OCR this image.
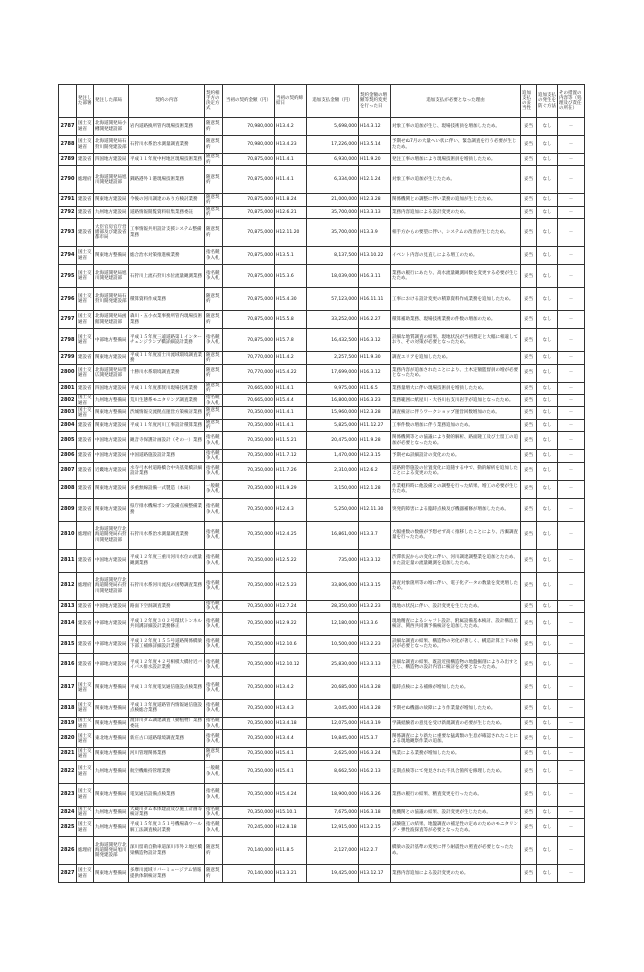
	発注した部署	発注した部局	契約の内容	契約相手方の決定方式	当初の契約金額（円）	当初の契約締結日	追加支払金額（円）	契約金額の増額等契約変更を行った日	追加支払が必要となった理由	追加支払の妥当性	追加支払の発生を防ぐ方法	その措置の内容等（処理及び責任の所在）
2787	国土交通省	北海道開発局小樽開発建設部	岩内道路換所管内現場技術業務	随意契約	70,980,000	H13.4.2	5,698,000	H14.3.12	対象工事の追加が生じ、現場技術員を増加したため。	妥当	なし	－
2788	国土交通省	北海道開発局石狩川開発建設部	石狩川水系治水測量調査業務	随意契約	70,980,000	H13.4.23	17,226,000	H13.5.14	予期せぬ7月の大量ヘい状に伴い、緊急調査を行う必要が生じたため。	妥当	なし	－
2789	建設省	四国地方建設局	平成１１年度中村地区現場技術業務	随意契約	70,875,000	H11.4.1	6,930,000	H11.9.20	発注工事の増加により現場技術員を増員したため。	妥当	なし	－
2790	総理府	北海道開発局旭川開発建設部	釧路港外１港現場技術業務	随意契約	70,875,000	H11.4.1	6,334,000	H12.1.24	対象工事の追加が生じたため。	妥当	なし	－
2791	建設省	関東地方建設局	今後の河川調達のあり方検討業務	随意契約	70,875,000	H11.8.24	21,000,000	H12.3.28	関係機関との調整に伴い業務の追加が生じたため。	妥当	なし	－
2792	建設省	九州地方建設局	道路情報開覧資料収集業務委託	随意契約	70,875,000	H12.6.21	35,700,000	H13.3.13	業務内容追加による設計変更のため。	妥当	なし	－
2793	建設省	大臣官房官庁営繕部及び建設省都市局	工事情報共用設計支援システム整備業務	随意契約	70,875,000	H12.11.20	35,700,000	H13.3.9	相手方からの要望に伴い、システムの改善が生じたため。	妥当	なし	－
2794	国土交通省	関東地方整備局	総合治水対策推進検業務	指名競争入札	70,875,000	H13.5.1	8,137,500	H13.10.22	イベント内容の見直しによる増工のため。	妥当	なし	－
2795	国土交通省	北海道開発局旭川開発建設部	石狩川上流石狩川水位流量観測業務	指名競争入札	70,875,000	H15.3.6	18,039,000	H16.3.11	業務の履行にあたり、高水流量観測回数を変更する必要が生じたため。	妥当	なし	－
2796	国土交通省	北海道開発局石狩川開発建設部	積算資料作成業務	随意契約	70,875,000	H15.4.30	57,123,000	H16.11.11	工事における設計変更の積算資料作成業務を追加したため。	妥当	なし	－
2797	国土交通省	北海道開発局函館開発建設部	森川・五小衣業事務所管内現場技術業務	随意契約	70,875,000	H15.5.8	33,252,000	H16.2.27	積算補助業務、現場技術業務の件数の増加のため。	妥当	なし	－
2798	国土交通省	中部地方整備局	平成１５年度三遠道路第１インターチェンジランプ橋詳細設計業務	指名競争入札	70,875,000	H15.7.8	16,432,500	H16.3.12	詳細な地質調査の結果、現地状況が当初想定と大幅に相違しており、その対策が必要となったため。	妥当	なし	－
2799	建設省	関東地方建設局	平成１１年度富士川流域環境調査業務	随意契約	70,770,000	H11.4.2	2,257,500	H11.9.30	調査エリアを追加したため。	妥当	なし	－
2800	国土交通省	北海道開発局帯広開発建設部	十勝川水系環境調査業務	随意契約	70,770,000	H15.4.22	17,699,000	H16.3.12	業務内容が追加されたことにより、土木定額監督員の増が必要となったため。	妥当	なし	－
2801	建設省	四国地方建設局	平成１１年度那賀川現場技術業務	随意契約	70,665,000	H11.4.1	9,975,000	H11.6.5	業務量増大に伴い現場技術員を増員したため。	妥当	なし	－
2802	国土交通省	九州地方整備局	荒川生態系モニタリング調査業務	指名競争入札	70,665,000	H15.4.4	16,800,000	H16.3.23	業務範囲に紙屋川・大谷川右支川岩手が追加となったため。	妥当	なし	－
2803	国土交通省	関東地方整備局	渋城情報交流拠点運営方策検討業務	随意契約	70,350,000	H11.4.1	15,960,000	H12.3.28	調査検討に伴うワークショップ運営回数増加のため。	妥当	なし	－
2804	建設省	関東地方建設局	平成１１年度河川工事設計積算業務	随意契約	70,350,000	H11.4.1	5,825,000	H11.12.27	工事件数の増加に伴う業務追加のため。	妥当	なし	－
2805	建設省	中国地方建設局	観音寺保護計画設計（その一）業務	指名競争入札	70,350,000	H11.5.21	20,475,000	H11.9.28	関係機関等との協議により動的解析、路面隆工及び土留工の追加が必要となったため。	妥当	なし	－
2806	建設省	中国地方建設局	中国道路施設設計業務	指名競争入札	70,350,000	H11.7.12	1,470,000	H12.3.15	予期せぬ詳細設計の変化のため。	妥当	なし	－
2807	建設省	近畿地方建設局	水寺弓木村道路橋合中央基架橋詳細設計業務	指名競争入札	70,350,000	H11.7.26	2,310,000	H12.6.2	道路附帯施設の位置変化に追随する中で、動的解析を追加したことによる変更のため。	妥当	なし	－
2808	建設省	関東地方建設局	多重無線設備一式製造（本局）	一般競争入札	70,350,000	H11.9.29	3,150,000	H12.1.28	作業軽料時に他設備との調整を行った結果、増工の必要が生じたため。	妥当	なし	－
2809	建設省	関東地方建設局	県庁排水機場ポンプ設備点検整備業務	指名競争入札	70,350,000	H12.4.3	5,250,000	H12.11.30	突発的障害による臨時点検及び機器補修が増加したため。	妥当	なし	－
2810	総理府	北海道開発庁北海道開発局石狩川開発建設部	石狩川水系治水測量調査業務	指名競争入札	70,350,000	H12.4.25	16,861,000	H13.3.7	大幅重数の数値が予想せず高く推移したことにより、汚濁調査量を行ったため。	妥当	なし	－
2811	建設省	中国地方建設局	平成１２年度三重川河川水位の流量観測業務	指名競争入札	70,350,000	H12.5.22	735,000	H13.3.12	渋滞状況からの変化に伴い、河川調達調整業を追加とたため、また設定量の流量観測を追加したため。	妥当	なし	－
2812	総理府	北海道開発庁北海道開発局石狩川開発建設部	石狩川水系河川流況の国勢調査業務	指名競争入札	70,350,000	H12.5.23	33,806,000	H13.3.15	調査対象箇所等の増に伴い、電子化データの数量を変更増したため。	妥当	なし	－
2813	建設省	中国地方建設局	路面下空洞調査業務	指名競争入札	70,350,000	H12.7.24	28,350,000	H13.2.23	現地の状況に伴い、設計変更を生じたため。	妥当	なし	－
2814	建設省	中部地方建設局	平成１２年度３０２号環状トンネル共同溝詳細設計業務修正	指名競争入札	70,350,000	H12.9.22	12,180,000	H13.3.6	現地精査によるシャフト設計、附属設備基本検討、設計構造工検討、関西共同溝予備検討を追加したため。	妥当	なし	－
2815	建設省	中部地方建設局	平成１２年度１５５号道路関係橋梁下部工補修詳細設計業務	指名競争入札	70,350,000	H12.10.6	10,500,000	H13.2.23	詳細な調査の結果、構造物の劣化が著しく、構造計算上下の検討が必要となったため。	妥当	なし	－
2816	建設省	中部地方建設局	平成１２年度４２号相模大橋付近バイパス排水設計業務	指名競争入札	70,350,000	H12.10.12	25,830,000	H13.3.13	詳細な調査の結果、既設近接構造物の地盤掘削によりみ出すと生じ、構造物の設計内容に検討を必要となったため。	妥当	なし	－
2817	国土交通省	関東地方整備局	平成１３年度電気通信施設点検業務	指名競争入札	70,350,000	H13.4.2	20,685,000	H14.3.28	臨時点検による補修が増加したため。	妥当	なし	－
2818	国土交通省	関東地方整備局	平成１３年度道路管内情報通信施設点検総合業務	指名競争入札	70,350,000	H13.4.3	3,045,000	H14.3.28	予期せぬ機器の故障により作業量が増加したため。	妥当	なし	－
2819	国土交通省	関東地方整備局	渡洋川ダム調達調査（動植物）業務委託	指名競争入札	70,350,000	H13.4.18	12,075,000	H14.3.19	学識経験者の意見を受け新規調査の必要が生じたため。	妥当	なし	－
2820	国土交通省	東北地方整備局	新庄古口道路環境調査業務	指名競争入札	70,350,000	H13.4.4	19,845,000	H15.3.7	関係調査により新たに重要な猛禽類の生息が確認されたことによる現地観察作業の追加。	妥当	なし	－
2821	国土交通省	関東地方整備局	河川管理関係業務	随意契約	70,350,000	H15.4.1	2,625,000	H16.3.24	残業による業務が増加したため。	妥当	なし	－
2822	国土交通省	九州地方整備局	航空機維持管理業務	一般競争入札	70,350,000	H15.4.1	8,662,500	H16.2.13	定期点検等にて発見された不具合箇所を修理したため。	妥当	なし	－
2823	国土交通省	関東地方整備局	電気通信設備点検業務	指名競争入札	70,350,000	H15.4.24	18,900,000	H16.3.26	業務の履行の結果、精査変更を行ったため。	妥当	なし	－
2824	国土交通省	九州地方整備局	大蔵川ダム本体建設及び施工計画等検討業務	指名競争入札	70,350,000	H15.10.1	7,675,000	H16.3.18	他機関との協議の結果、設計変更が生じたため。	妥当	なし	－
2825	国土交通省	九州地方整備局	平成１５年度３５１号機場森ウール解工法調査検討業務	指名競争入札	70,245,000	H12.8.18	12,915,000	H13.2.15	試験施工の結果、地盤調査の補足性の定めのためのモニタリング・弾性波探査等が必要となったため。	妥当	なし	－
2826	総理府	北海道開発庁北海道開発局旭川開発建設部	深川留萌自動車道深川市外２地区橋梁構造物設計業務	随意契約	70,140,000	H11.8.5	2,127,000	H12.2.7	橋梁の設計基準の変更に伴う耐震性の照査が必要となったため。	妥当	なし	－
2827	国土交通省	関東地方整備局	多摩川流域リバーミュージアム情報提供体制検討業務	随意契約	70,140,000	H13.3.21	19,425,000	H13.12.17	業務内容追加による設計変更のため。	妥当	なし	－
